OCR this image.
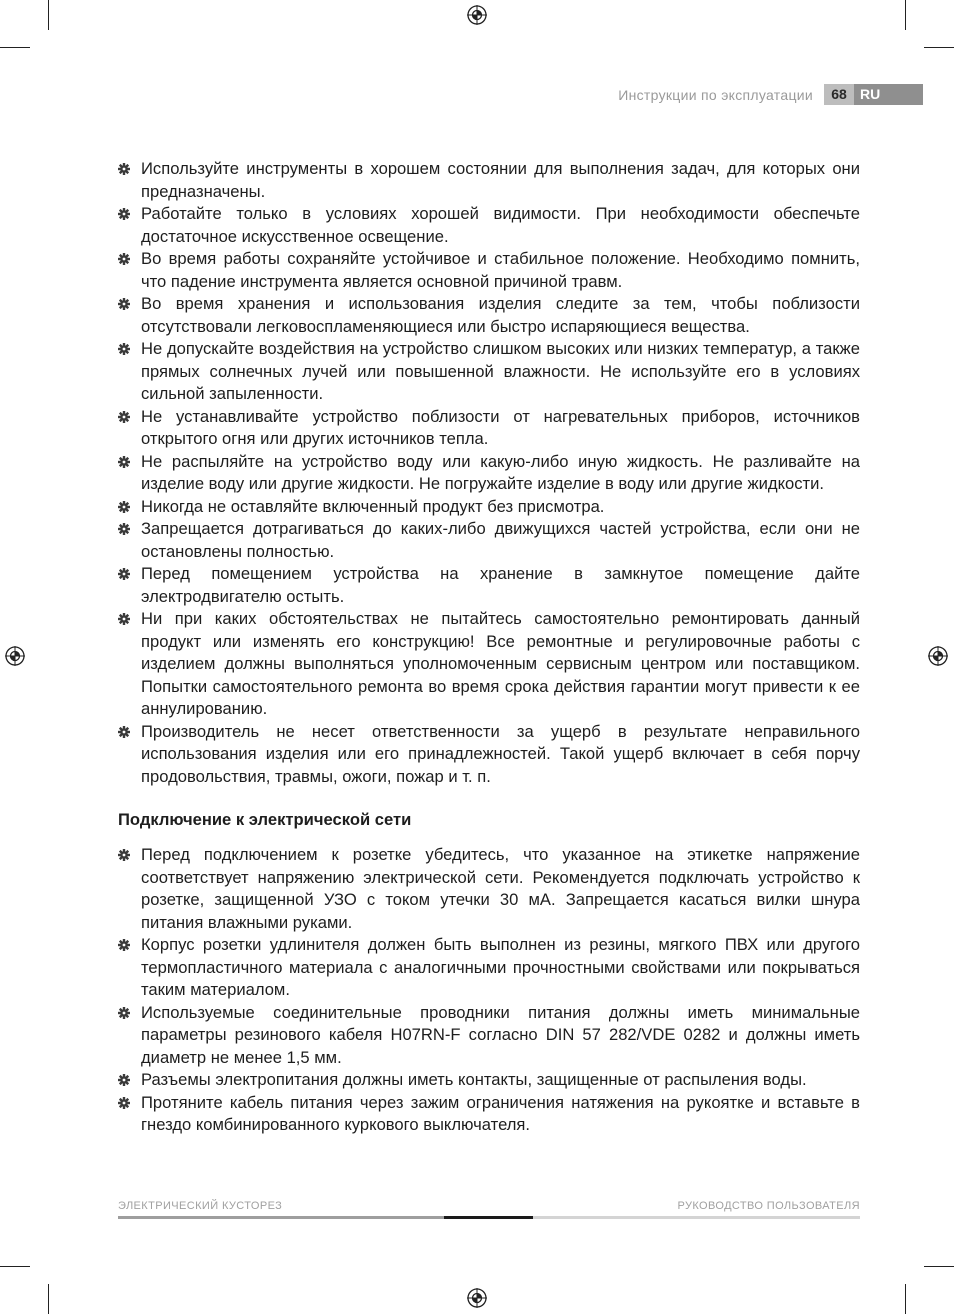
Инструкции по эксплуатации	68 RU
Используйте инструменты в хорошем состоянии для выполнения задач, для которых они предназначены.
Работайте только в условиях хорошей видимости. При необходимости обеспечьте достаточное искусственное освещение.
Во время работы сохраняйте устойчивое и стабильное положение. Необходимо помнить, что падение инструмента является основной причиной травм.
Во время хранения и использования изделия следите за тем, чтобы поблизости отсутствовали легковоспламеняющиеся или быстро испаряющиеся вещества.
Не допускайте воздействия на устройство слишком высоких или низких температур, а также прямых солнечных лучей или повышенной влажности. Не используйте его в условиях сильной запыленности.
Не устанавливайте устройство поблизости от нагревательных приборов, источников открытого огня или других источников тепла.
Не распыляйте на устройство воду или какую-либо иную жидкость. Не разливайте на изделие воду или другие жидкости. Не погружайте изделие в воду или другие жидкости.
Никогда не оставляйте включенный продукт без присмотра.
Запрещается дотрагиваться до каких-либо движущихся частей устройства, если они не остановлены полностью.
Перед помещением устройства на хранение в замкнутое помещение дайте электродвигателю остыть.
Ни при каких обстоятельствах не пытайтесь самостоятельно ремонтировать данный продукт или изменять его конструкцию! Все ремонтные и регулировочные работы с изделием должны выполняться уполномоченным сервисным центром или поставщиком. Попытки самостоятельного ремонта во время срока действия гарантии могут привести к ее аннулированию.
Производитель не несет ответственности за ущерб в результате неправильного использования изделия или его принадлежностей. Такой ущерб включает в себя порчу продовольствия, травмы, ожоги, пожар и т. п.
Подключение к электрической сети
Перед подключением к розетке убедитесь, что указанное на этикетке напряжение соответствует напряжению электрической сети. Рекомендуется подключать устройство к розетке, защищенной УЗО с током утечки 30 мА. Запрещается касаться вилки шнура питания влажными руками.
Корпус розетки удлинителя должен быть выполнен из резины, мягкого ПВХ или другого термопластичного материала с аналогичными прочностными свойствами или покрываться таким материалом.
Используемые соединительные проводники питания должны иметь минимальные параметры резинового кабеля H07RN-F согласно DIN 57 282/VDE 0282 и должны иметь диаметр не менее 1,5 мм.
Разъемы электропитания должны иметь контакты, защищенные от распыления воды.
Протяните кабель питания через зажим ограничения натяжения на рукоятке и вставьте в гнездо комбинированного куркового выключателя.
ЭЛЕКТРИЧЕСКИЙ КУСТОРЕЗ	РУКОВОДСТВО ПОЛЬЗОВАТЕЛЯ
